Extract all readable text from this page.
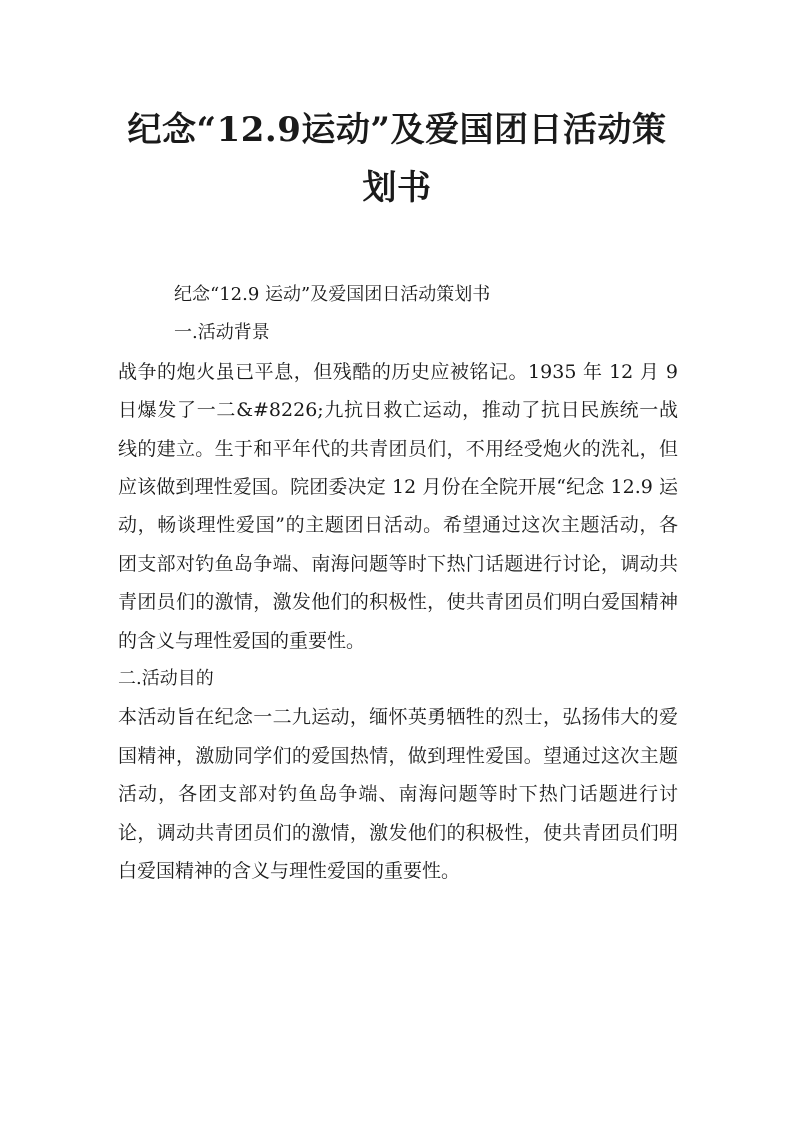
纪念“12.9运动”及爱国团日活动策
划书

纪念“12.9 运动”及爱国团日活动策划书

一.活动背景

战争的炮火虽已平息，但残酷的历史应被铭记。1935 年 12 月 9 日爆发了一二&#8226;九抗日救亡运动，推动了抗日民族统一战线的建立。生于和平年代的共青团员们，不用经受炮火的洗礼，但应该做到理性爱国。院团委决定 12 月份在全院开展“纪念 12.9 运动，畅谈理性爱国”的主题团日活动。希望通过这次主题活动，各团支部对钓鱼岛争端、南海问题等时下热门话题进行讨论，调动共青团员们的激情，激发他们的积极性，使共青团员们明白爱国精神的含义与理性爱国的重要性。

二.活动目的

本活动旨在纪念一二九运动，缅怀英勇牺牲的烈士，弘扬伟大的爱国精神，激励同学们的爱国热情，做到理性爱国。望通过这次主题活动，各团支部对钓鱼岛争端、南海问题等时下热门话题进行讨论，调动共青团员们的激情，激发他们的积极性，使共青团员们明白爱国精神的含义与理性爱国的重要性。
